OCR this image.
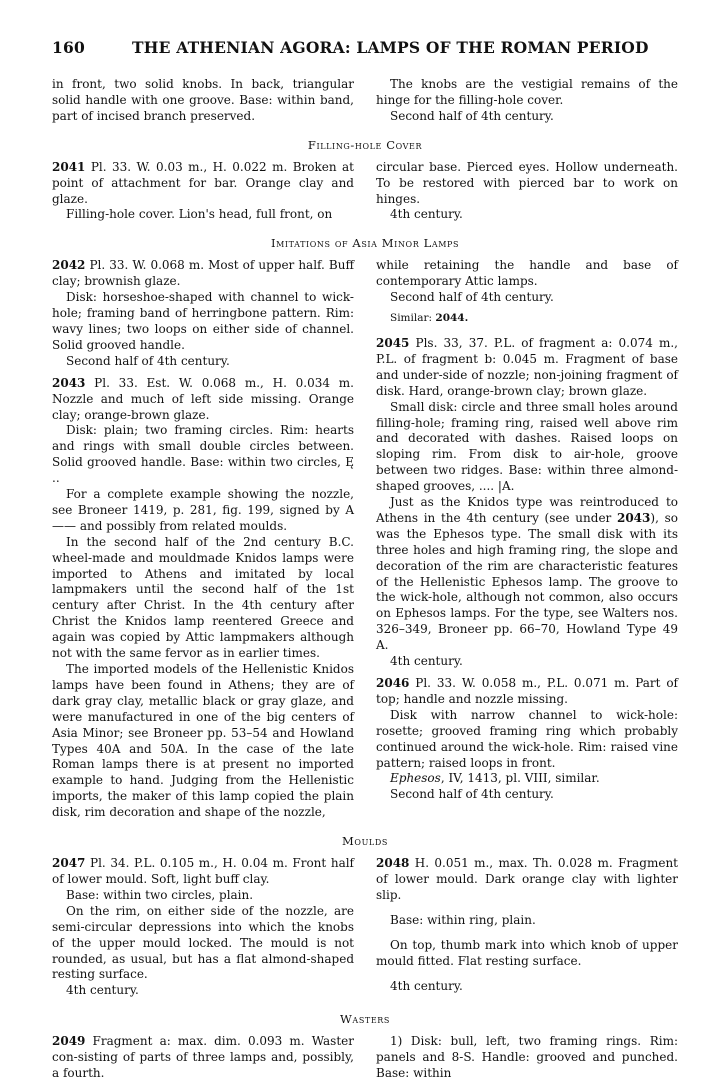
160	THE ATHENIAN AGORA: LAMPS OF THE ROMAN PERIOD

in front, two solid knobs. In back, triangular solid handle with one groove. Base: within band, part of incised branch preserved.

The knobs are the vestigial remains of the hinge for the filling-hole cover.

Second half of 4th century.

Filling-hole Cover

2041 Pl. 33. W. 0.03 m., H. 0.022 m. Broken at point of attachment for bar. Orange clay and glaze.

Filling-hole cover. Lion's head, full front, on

circular base. Pierced eyes. Hollow underneath. To be restored with pierced bar to work on hinges.

4th century.

Imitations of Asia Minor Lamps

2042 Pl. 33. W. 0.068 m. Most of upper half. Buff clay; brownish glaze.

Disk: horseshoe-shaped with channel to wick-hole; framing band of herringbone pattern. Rim: wavy lines; two loops on either side of channel. Solid grooved handle.

Second half of 4th century.

2043 Pl. 33. Est. W. 0.068 m., H. 0.034 m. Nozzle and much of left side missing. Orange clay; orange-brown glaze.

Disk: plain; two framing circles. Rim: hearts and rings with small double circles between. Solid grooved handle. Base: within two circles, Ę ..

For a complete example showing the nozzle, see Broneer 1419, p. 281, fig. 199, signed by A—— and possibly from related moulds.

In the second half of the 2nd century B.C. wheel-made and mouldmade Knidos lamps were imported to Athens and imitated by local lampmakers until the second half of the 1st century after Christ. In the 4th century after Christ the Knidos lamp reentered Greece and again was copied by Attic lampmakers although not with the same fervor as in earlier times.

The imported models of the Hellenistic Knidos lamps have been found in Athens; they are of dark gray clay, metallic black or gray glaze, and were manufactured in one of the big centers of Asia Minor; see Broneer pp. 53–54 and Howland Types 40A and 50A. In the case of the late Roman lamps there is at present no imported example to hand. Judging from the Hellenistic imports, the maker of this lamp copied the plain disk, rim decoration and shape of the nozzle,

while retaining the handle and base of contemporary Attic lamps.

Second half of 4th century.

Similar: 2044.

2045 Pls. 33, 37. P.L. of fragment a: 0.074 m., P.L. of fragment b: 0.045 m. Fragment of base and under-side of nozzle; non-joining fragment of disk. Hard, orange-brown clay; brown glaze.

Small disk: circle and three small holes around filling-hole; framing ring, raised well above rim and decorated with dashes. Raised loops on sloping rim. From disk to air-hole, groove between two ridges. Base: within three almond-shaped grooves, .... |A.

Just as the Knidos type was reintroduced to Athens in the 4th century (see under 2043), so was the Ephesos type. The small disk with its three holes and high framing ring, the slope and decoration of the rim are characteristic features of the Hellenistic Ephesos lamp. The groove to the wick-hole, although not common, also occurs on Ephesos lamps. For the type, see Walters nos. 326–349, Broneer pp. 66–70, Howland Type 49 A.

4th century.

2046 Pl. 33. W. 0.058 m., P.L. 0.071 m. Part of top; handle and nozzle missing.

Disk with narrow channel to wick-hole: rosette; grooved framing ring which probably continued around the wick-hole. Rim: raised vine pattern; raised loops in front.

Ephesos, IV, 1413, pl. VIII, similar.

Second half of 4th century.

Moulds

2047 Pl. 34. P.L. 0.105 m., H. 0.04 m. Front half of lower mould. Soft, light buff clay.

Base: within two circles, plain.

On the rim, on either side of the nozzle, are semi-circular depressions into which the knobs of the upper mould locked. The mould is not rounded, as usual, but has a flat almond-shaped resting surface.

4th century.

2048 H. 0.051 m., max. Th. 0.028 m. Fragment of lower mould. Dark orange clay with lighter slip.

Base: within ring, plain.

On top, thumb mark into which knob of upper mould fitted. Flat resting surface.

4th century.

Wasters

2049 Fragment a: max. dim. 0.093 m. Waster con-sisting of parts of three lamps and, possibly, a fourth.

1) Disk: bull, left, two framing rings. Rim: panels and 8-S. Handle: grooved and punched. Base: within
